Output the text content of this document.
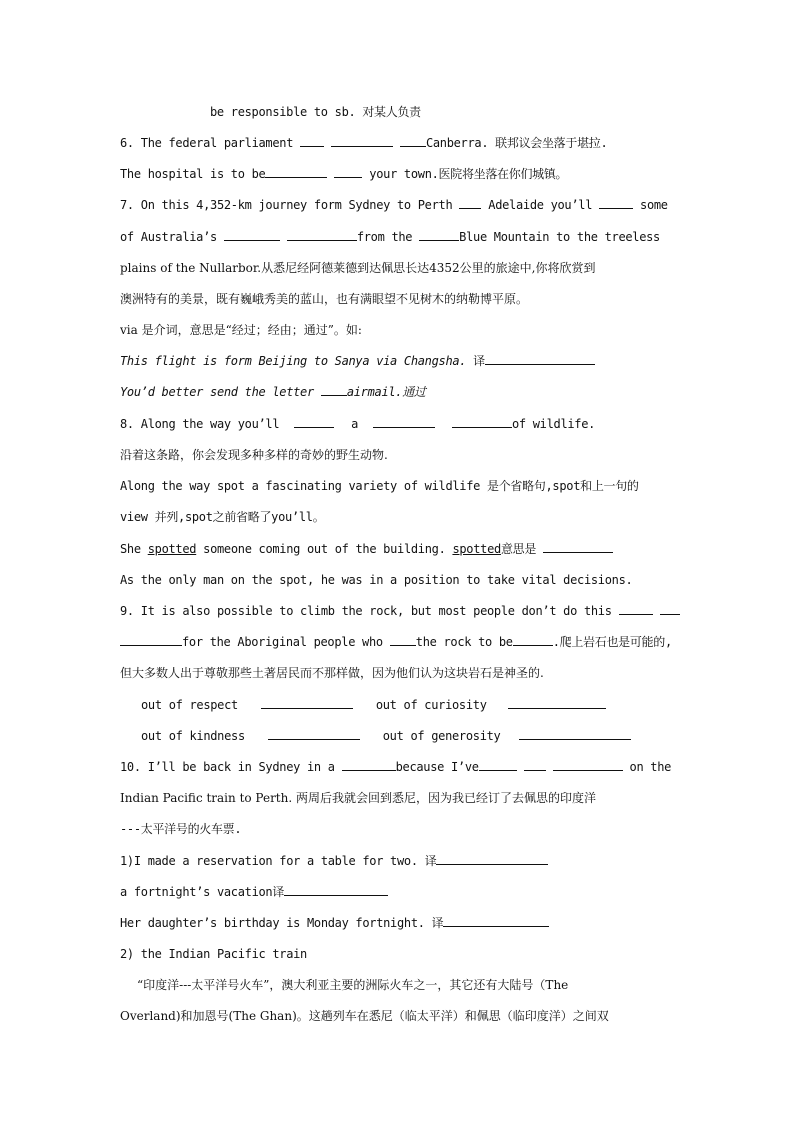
be responsible to sb. 对某人负责
6. The federal parliament	Canberra. 联邦议会坐落于堪拉.
The hospital is to be	your town.医院将坐落在你们城镇。
7. On this 4,352-km journey form Sydney to Perth	Adelaide you’ll	some
of Australia’s	from the	Blue Mountain to the treeless
plains of the Nullarbor.从悉尼经阿德莱德到达佩思长达4352公里的旅途中,你将欣赏到
澳洲特有的美景，既有巍峨秀美的蓝山，也有满眼望不见树木的纳勒博平原。
via 是介词，意思是“经过；经由；通过”。如:
This flight is form Beijing to Sanya via Changsha. 译
You’d better send the letter	airmail.通过
8. Along the way you’ll	a	of wildlife.
沿着这条路，你会发现多种多样的奇妙的野生动物.
Along the way spot a fascinating variety of wildlife 是个省略句,spot和上一句的
view 并列,spot之前省略了you’ll。
She spotted someone coming out of the building. spotted意思是
As the only man on the spot, he was in a position to take vital decisions.
9. It is also possible to climb the rock, but most people don’t do this
for the Aboriginal people who	the rock to be	.爬上岩石也是可能的,
但大多数人出于尊敬那些土著居民而不那样做，因为他们认为这块岩石是神圣的.
out of respect	out of curiosity
out of kindness	out of generosity
10. I’ll be back in Sydney in a	because I’ve	on the
Indian Pacific train to Perth. 两周后我就会回到悉尼，因为我已经订了去佩思的印度洋
---太平洋号的火车票.
1)I made a reservation for a table for two. 译
a fortnight’s vacation译
Her daughter’s birthday is Monday fortnight. 译
2) the Indian Pacific train
“印度洋---太平洋号火车”，澳大利亚主要的洲际火车之一，其它还有大陆号（The
Overland)和加恩号(The Ghan)。这趟列车在悉尼（临太平洋）和佩思（临印度洋）之间双
